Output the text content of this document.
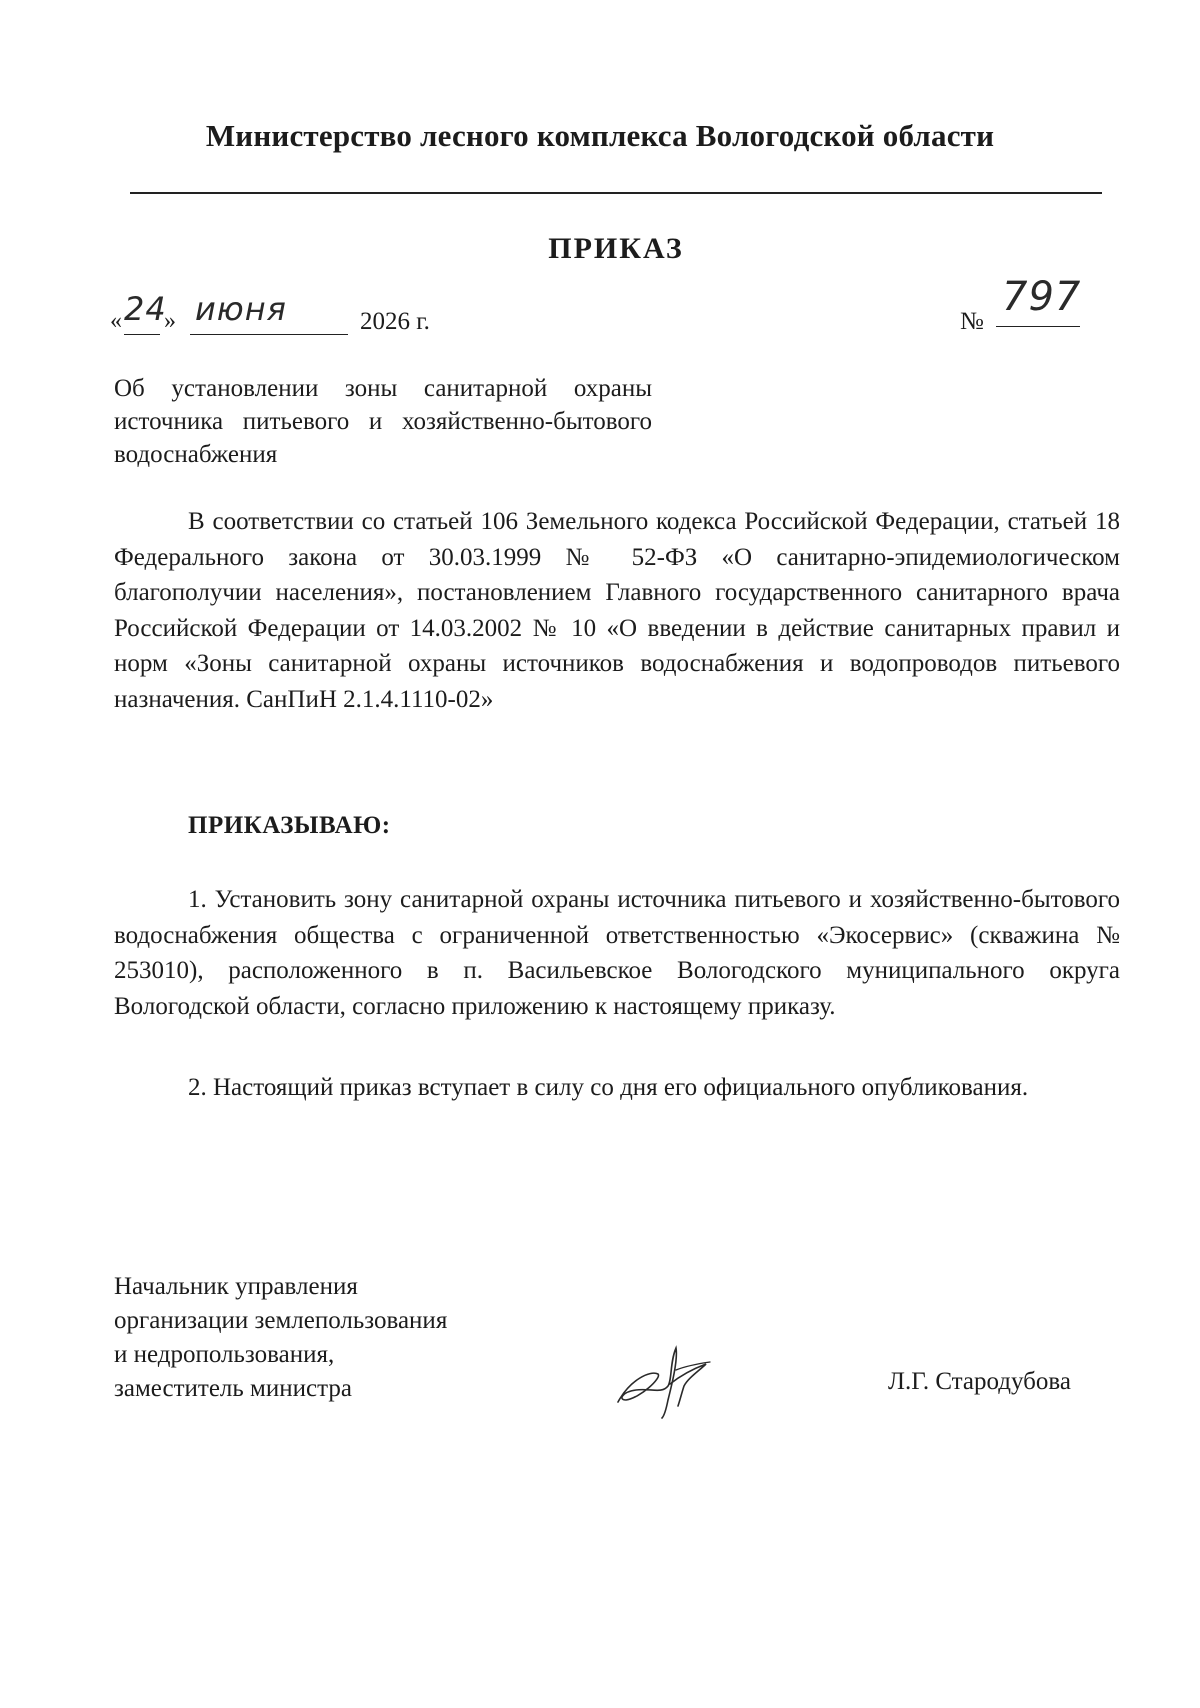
Министерство лесного комплекса Вологодской области
ПРИКАЗ
« 24
» июня	2026 г.	№
797
Об установлении зоны санитарной охраны источника питьевого и хозяйственно-бытового водоснабжения
В соответствии со статьей 106 Земельного кодекса Российской Федерации, статьей 18 Федерального закона от 30.03.1999 № 52-ФЗ «О санитарно-эпидемиологическом благополучии населения», постановлением Главного государственного санитарного врача Российской Федерации от 14.03.2002 № 10 «О введении в действие санитарных правил и норм «Зоны санитарной охраны источников водоснабжения и водопроводов питьевого назначения. СанПиН 2.1.4.1110-02»
ПРИКАЗЫВАЮ:
1. Установить зону санитарной охраны источника питьевого и хозяйственно-бытового водоснабжения общества с ограниченной ответственностью «Экосервис» (скважина № 253010), расположенного в п. Васильевское Вологодского муниципального округа Вологодской области, согласно приложению к настоящему приказу.
2. Настоящий приказ вступает в силу со дня его официального опубликования.
Начальник управления
организации землепользования
и недропользования,
заместитель министра	Л.Г. Стародубова
